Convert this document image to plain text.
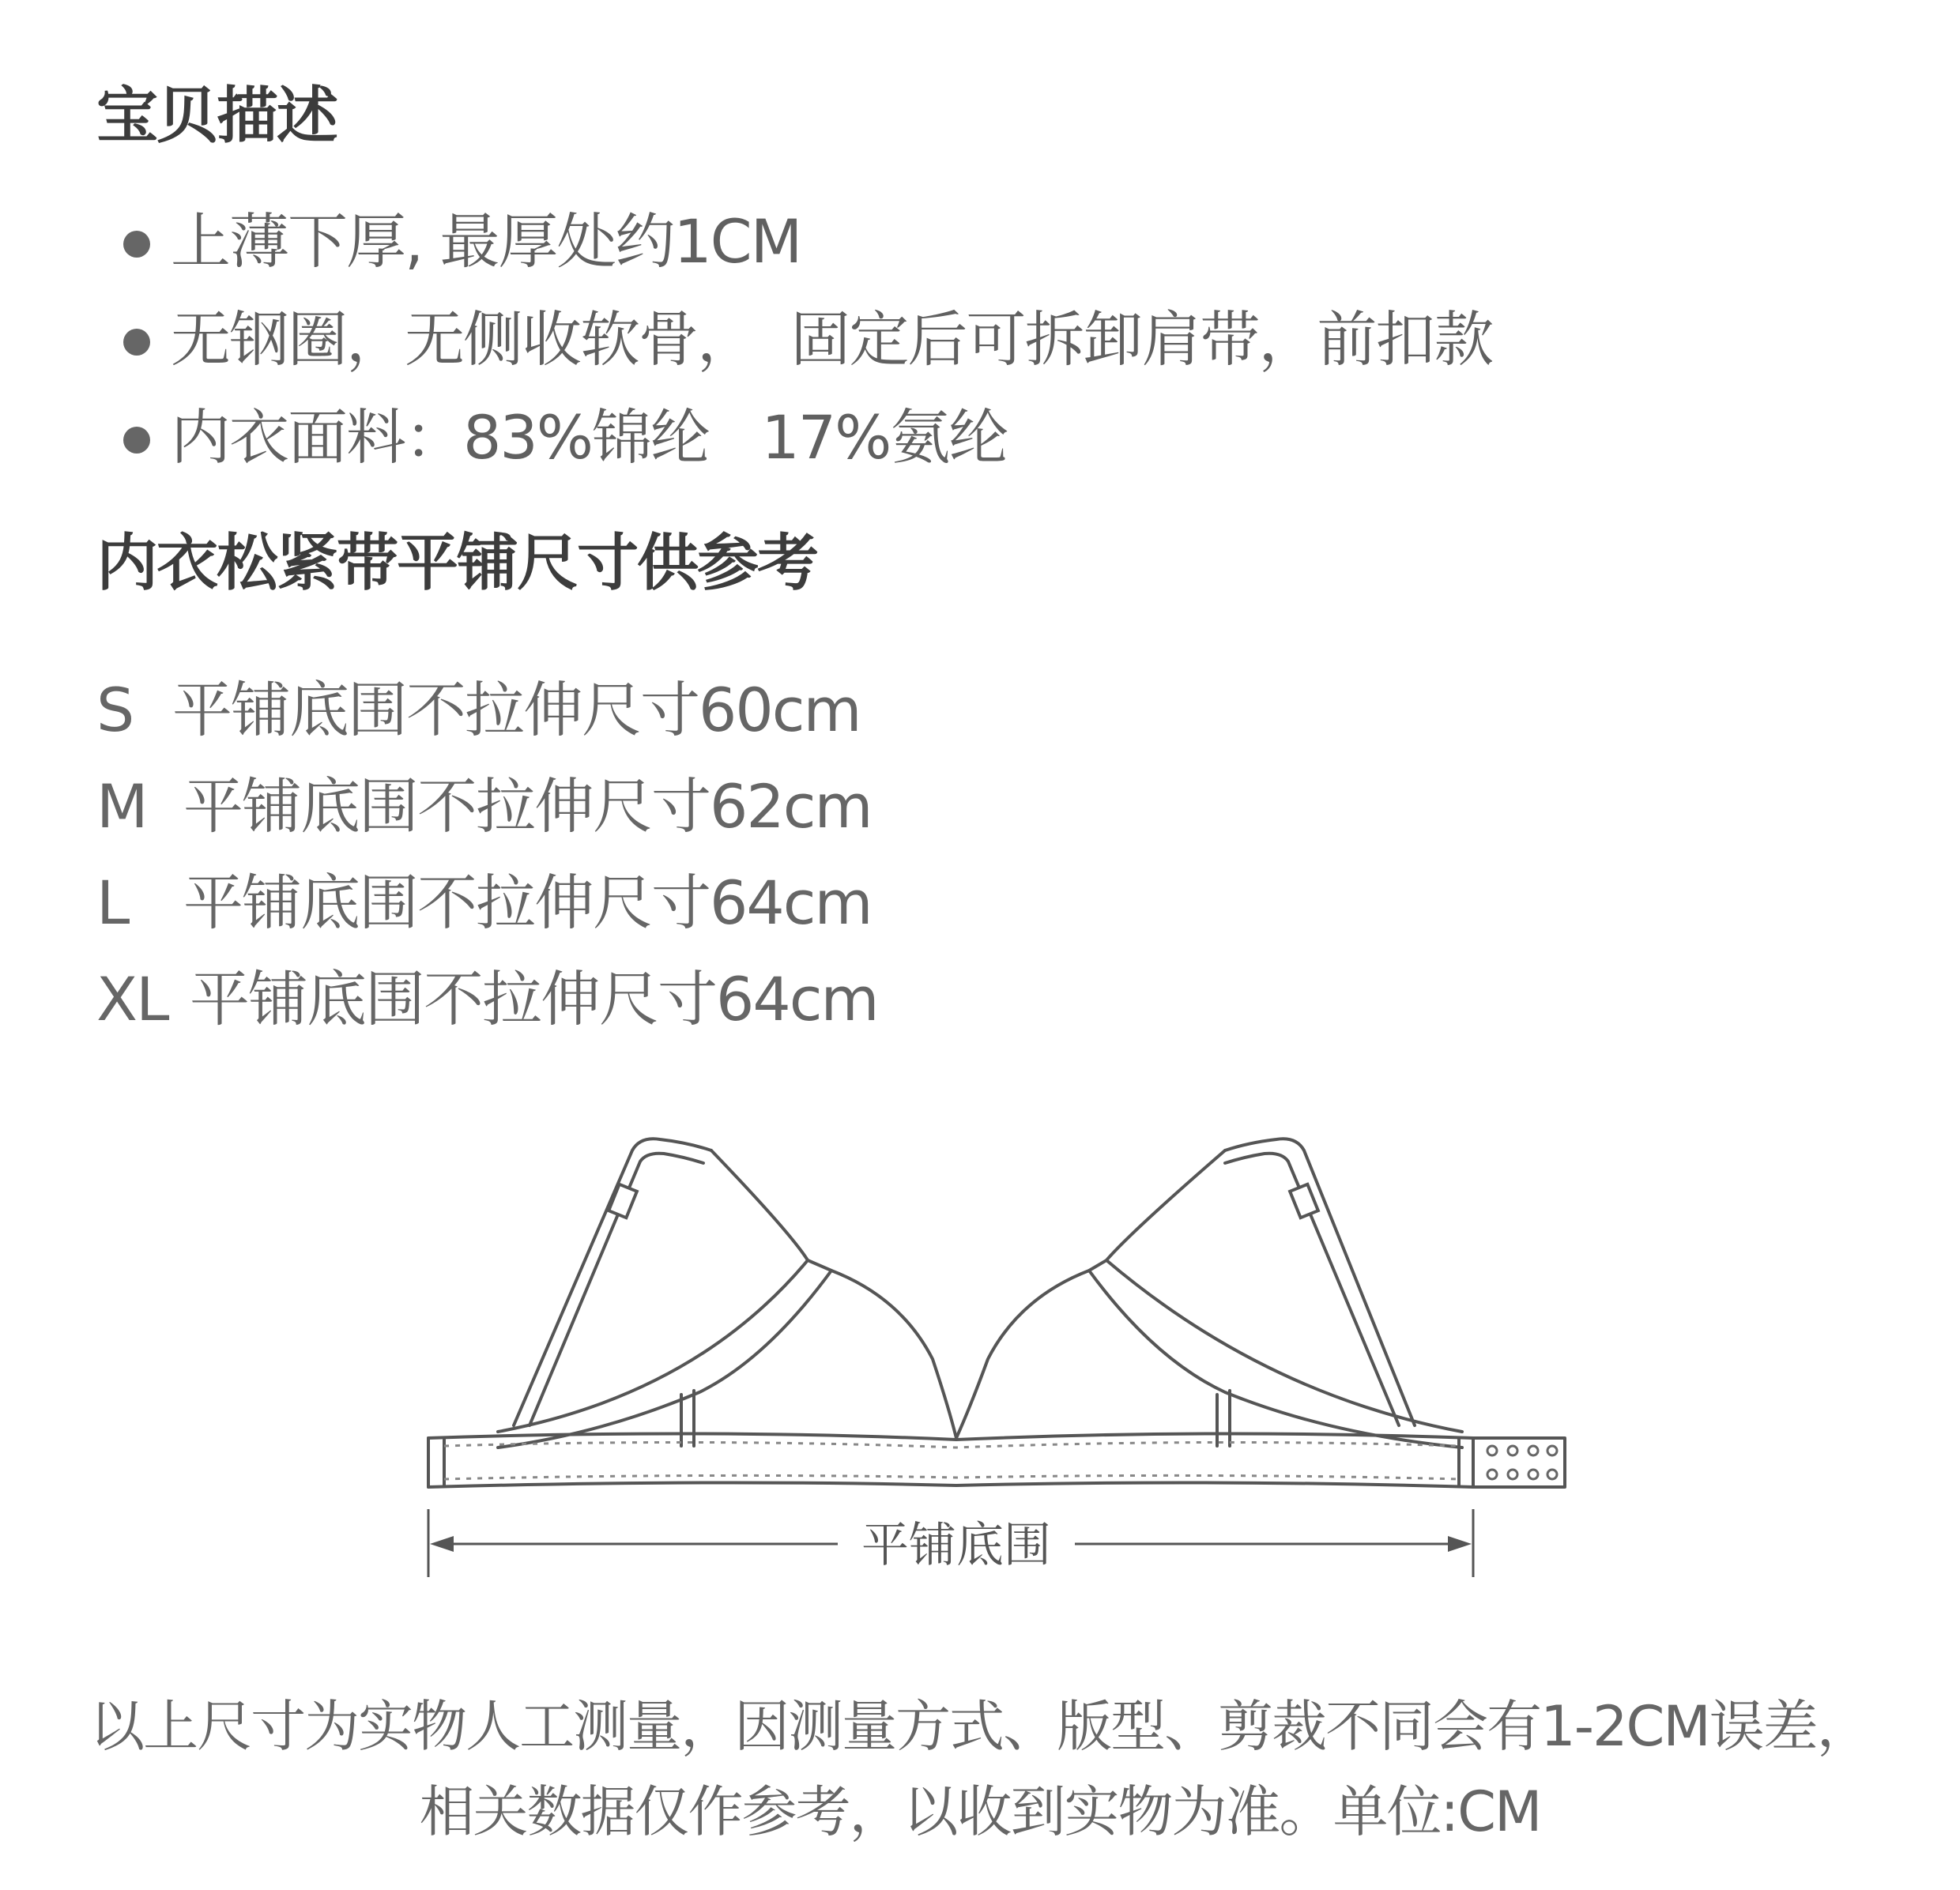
宝贝描述
上薄下厚, 最厚处约1CM
无钢圈，无侧收软骨，  固定后可拆卸肩带，前扣款
内衣面料：83%锦纶   17%氨纶
内衣松紧带平铺尺寸供参考
S 平铺底围不拉伸尺寸60cm
M 平铺底围不拉伸尺寸62cm
L 平铺底围不拉伸尺寸64cm
XL 平铺底围不拉伸尺寸64cm
平铺底围
以上尺寸为实物人工测量，因测量方式、版型、剪裁不同会有1-2CM误差，
相关数据仅作参考，以收到实物为准。单位:CM
